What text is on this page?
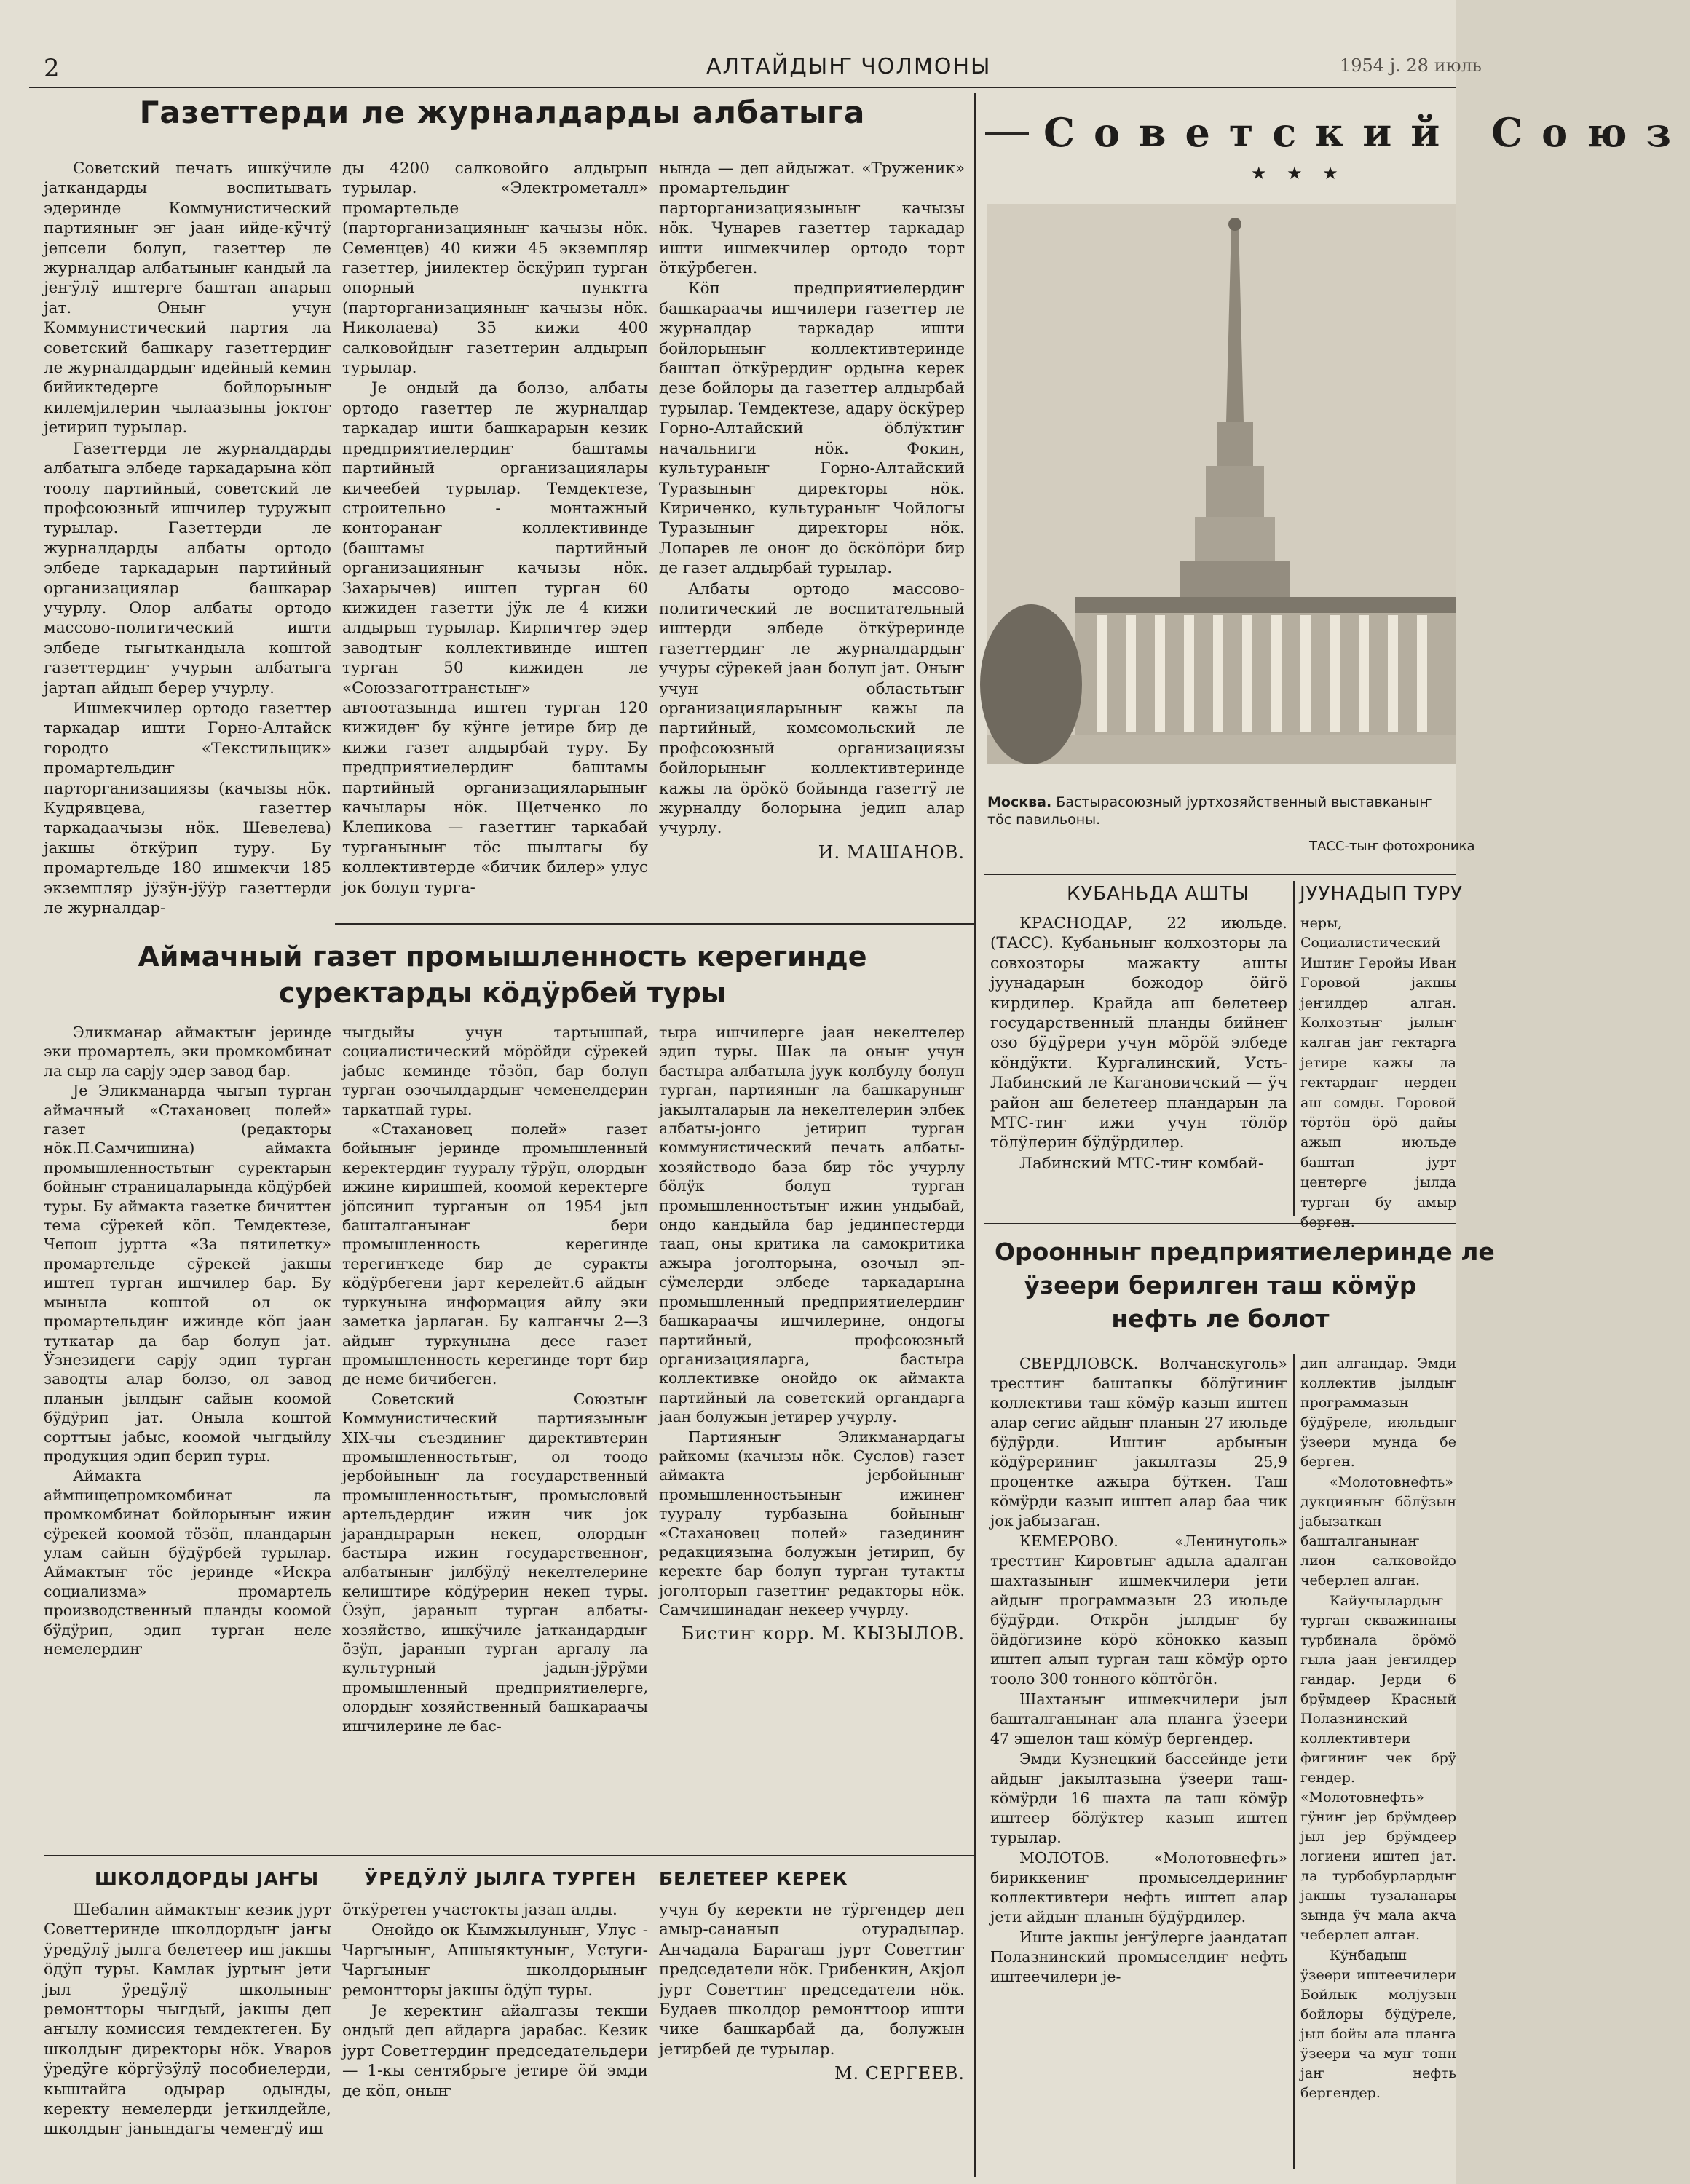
2	АЛТАЙДЫҤ ЧОЛМОНЫ	1954 j. 28 июль
Газеттерди ле журналдарды албатыга

Советский печать ишкӱчиле јаткандарды воспитывать эдеринде Коммунистический партияныҥ эҥ јаан ийде-кӱчтӱ јепсели болуп, газеттер ле журналдар албатыныҥ кандый ла јеҥӱлӱ иштерге баштап апарып јат. Оныҥ учун Коммунистический партия ла советский башкару газеттердиҥ ле журналдардыҥ идейный кемин бийиктедерге бойлорыныҥ килемјилерин чылаазыны јоктоҥ јетирип турылар.

Газеттерди ле журналдарды албатыга элбеде таркадарына кӧп тоолу партийный, советский ле профсоюзный ишчилер туружып турылар. Газеттерди ле журналдарды албаты ортодо элбеде таркадарын партийный организациялар башкарар учурлу. Олор албаты ортодо массово-политический ишти элбеде тыгыткандыла коштой газеттердиҥ учурын албатыга јартап айдып берер учурлу.

Ишмекчилер ортодо газеттер таркадар ишти Горно-Алтайск городто «Текстильщик» промартельдиҥ парторганизациязы (качызы нӧк. Кудрявцева, газеттер таркадаачызы нӧк. Шевелева) јакшы ӧткӱрип туру. Бу промартельде 180 ишмекчи 185 экземпляр јӱзӱн-јӱӱр газеттерди ле журналдар-

ды 4200 салковойго алдырып турылар. «Электрометалл» промартельде (парторганизацияныҥ качызы нӧк. Семенцев) 40 кижи 45 экземпляр газеттер, јиилектер ӧскӱрип турган опорный пунктта (парторганизацияныҥ качызы нӧк. Николаева) 35 кижи 400 салковойдыҥ газеттерин алдырып турылар.

Је ондый да болзо, албаты ортодо газеттер ле журналдар таркадар ишти башкарарын кезик предприятиелердиҥ баштамы партийный организациялары кичеебей турылар. Темдектезе, строительно - монтажный конторанаҥ коллективинде (баштамы партийный организацияныҥ качызы нӧк. Захарычев) иштеп турган 60 кижиден газетти јӱк ле 4 кижи алдырып турылар. Кирпичтер эдер заводтыҥ коллективинде иштеп турган 50 кижиден ле «Союззаготтранстыҥ» автоотазында иштеп турган 120 кижидеҥ бу кӱнге јетире бир де кижи газет алдырбай туру. Бу предприятиелердиҥ баштамы партийный организацияларыныҥ качылары нӧк. Щетченко ло Клепикова — газеттиҥ таркабай турганыныҥ тӧс шылтагы бу коллективтерде «бичик билер» улус јок болуп турга-

нында — деп айдыжат. «Труженик» промартельдиҥ парторганизациязыныҥ качызы нӧк. Чунарев газеттер таркадар ишти ишмекчилер ортодо торт ӧткӱрбеген.

Кӧп предприятиелердиҥ башкараачы ишчилери газеттер ле журналдар таркадар ишти бойлорыныҥ коллективтеринде баштап ӧткӱрердиҥ ордына керек дезе бойлоры да газеттер алдырбай турылар. Темдектезе, адару ӧскӱрер Горно-Алтайский ӧблӱктиҥ начальниги нӧк. Фокин, культураныҥ Горно-Алтайский Туразыныҥ директоры нӧк. Кириченко, культураныҥ Чойлогы Туразыныҥ директоры нӧк. Лопарев ле оноҥ до ӧскӧлӧри бир де газет алдырбай турылар.

Албаты ортодо массово-политический ле воспитательный иштерди элбеде ӧткӱреринде газеттердиҥ ле журналдардыҥ учуры сӱрекей јаан болуп јат. Оныҥ учун областьтыҥ организацияларыныҥ кажы ла партийный, комсомольский ле профсоюзный организациязы бойлорыныҥ коллективтеринде кажы ла ӧрӧкӧ бойында газеттӱ ле журналду болорына једип алар учурлу.

И. МАШАНОВ.
Аймачный газет промышленность керегинде
суректарды кӧдӱрбей туры

Эликманар аймактыҥ јеринде эки промартель, эки промкомбинат ла сыр ла сарју эдер завод бар.

Је Эликманарда чыгып турган аймачный «Стахановец полей» газет (редакторы нӧк.П.Самчишина) аймакта промышленностьтыҥ суректарын бойныҥ страницаларында кӧдӱрбей туры. Бу аймакта газетке бичиттен тема сӱрекей кӧп. Темдектезе, Чепош јуртта «За пятилетку» промартельде сӱрекей јакшы иштеп турган ишчилер бар. Бу мыныла коштой ол ок промартельдиҥ ижинде кӧп јаан туткатар да бар болуп јат. Ӱзнезидеги сарју эдип турган заводты алар болзо, ол завод планын јылдыҥ сайын коомой бӱдӱрип јат. Оныла коштой сорттыы јабыс, коомой чыгдыйлу продукция эдип берип туры.

Аймакта аймпищепромкомбинат ла промкомбинат бойлорыныҥ ижин сӱрекей коомой тӧзӧп, пландарын улам сайын бӱдӱрбей турылар. Аймактыҥ тӧс јеринде «Искра социализма» промартель производственный планды коомой бӱдӱрип, эдип турган неле немелердиҥ

чыгдыйы учун тартышпай, социалистический мӧрӧйди сӱрекей јабыс кеминде тӧзӧп, бар болуп турган озочылдардыҥ чеменелдерин таркатпай туры.

«Стахановец полей» газет бойыныҥ јеринде промышленный керектердиҥ тууралу тӱрӱп, олордыҥ ижине киришпей, коомой керектерге јӧпсинип турганын ол 1954 јыл башталганынаҥ бери промышленность керегинде терегиҥкеде бир де суракты кӧдӱрбегени јарт керелейт.6 айдыҥ туркунына информация айлу эки заметка јарлаган. Бу калганчы 2—3 айдыҥ туркунына десе газет промышленность керегинде торт бир де неме бичибеген.

Советский Союзтыҥ Коммунистический партиязыныҥ XIX-чы съездиниҥ директивтерин промышленностьтыҥ, ол тоодо јербойыныҥ ла государственный промышленностьтыҥ, промысловый артельдердиҥ ижин чик јок јарандырарын некеп, олордыҥ бастыра ижин государственноҥ, албатыныҥ јилбӱлӱ некелтелерине келиштире кӧдӱрерин некеп туры. Ӧзӱп, јаранып турган албаты-хозяйство, ишкӱчиле јаткандардыҥ ӧзӱп, јаранып турган аргалу ла культурный јадын-јӱрӱми промышленный предприятиелерге, олордыҥ хозяйственный башкараачы ишчилерине ле бас-

тыра ишчилерге јаан некелтелер эдип туры. Шак ла оныҥ учун бастыра албатыла јуук колбулу болуп турган, партияныҥ ла башкаруныҥ јакылталарын ла некелтелерин элбек албаты-јонго јетирип турган коммунистический печать албаты-хозяйстводо база бир тӧс учурлу бӧлӱк болуп турган промышленностьтыҥ ижин ундыбай, ондо кандыйла бар јединпестерди таап, оны критика ла самокритика ажыра јоголторына, озочыл эп-сӱмелерди элбеде таркадарына промышленный предприятиелердиҥ башкараачы ишчилерине, ондогы партийный, профсоюзный организацияларга, бастыра коллективке онойдо ок аймакта партийный ла советский органдарга јаан болужын јетирер учурлу.

Партияныҥ Эликманардагы райкомы (качызы нӧк. Суслов) газет аймакта јербойыныҥ промышленностьыныҥ ижинеҥ тууралу турбазына бойыныҥ «Стахановец полей» газединиҥ редакциязына болужын јетирип, бу керекте бар болуп турган тутакты јоголторып газеттиҥ редакторы нӧк. Самчишинадаҥ некеер учурлу.

Бистиҥ корр. М. КЫЗЫЛОВ.
ШКОЛДОРДЫ ЈАҤЫ ӰРЕДӰЛӰ ЈЫЛГА ТУРГЕН БЕЛЕТЕЕР КЕРЕК

Шебалин аймактыҥ кезик јурт Советтеринде школдордыҥ јаҥы ӱредӱлӱ јылга белетеер иш јакшы ӧдӱп туры. Камлак јуртыҥ јети јыл ӱредӱлӱ школыныҥ ремонтторы чыгдый, јакшы деп аҥылу комиссия темдектеген. Бу школдыҥ директоры нӧк. Уваров ӱредӱге кӧргӱзӱлӱ пособиелерди, кыштайга одырар одынды, керекту немелерди јеткилдейле, школдыҥ јанындагы чемеҥдӱ иш

ӧткӱретен участокты јазап алды.

Онойдо ок Кымжылуныҥ, Улус - Чаргыныҥ, Апшыяктуныҥ, Устуги-Чаргыныҥ школдорыныҥ ремонтторы јакшы ӧдӱп туры.

Је керектиҥ айалгазы текши ондый деп айдарга јарабас. Кезик јурт Советтердиҥ председательдери — 1-кы сентябрьге јетире ӧй эмди де кӧп, оныҥ

учун бу керекти не тӱргендер деп амыр-сананып отурадылар. Анчадала Барагаш јурт Советтиҥ председатели нӧк. Грибенкин, Акјол јурт Советтиҥ председатели нӧк. Будаев школдор ремонттоор ишти чике башкарбай да, болужын јетирбей де турылар.

М. СЕРГЕЕВ.
Советский Союз
★ ★ ★
Москва. Бастырасоюзный ј̇уртхозяйственный выставканыҥ тӧс павильоны.
ТАСС-тыҥ фотохроника
КУБАНЬДА АШТЫ	ЈУУНАДЫП ТУРУ

КРАСНОДАР, 22 июльде. (ТАСС). Кубаньныҥ колхозторы ла совхозторы мажакту ашты јуунадарын божодор ӧйгӧ кирдилер. Крайда аш белетеер государственный планды бийнеҥ озо бӱдӱрери учун мӧрӧй элбеде кӧндӱкти. Кургалинский, Усть-Лабинский ле Кагановичский — ӱч район аш белетеер пландарын ла МТС-тиҥ ижи учун тӧлӧр тӧлӱлерин бӱдӱрдилер.

Лабинский МТС-тиҥ комбай-

неры, Социалистический Иштиҥ Геройы Иван Горовой јакшы јеҥилдер алган. Колхозтыҥ јылыҥ калган јаҥ гектарга јетире кажы ла гектардаҥ нерден аш сомды. Горовой тӧртӧн ӧрӧ дайы ажып июльде баштап јурт центерге јылда турган бу амыр

Ороонныҥ предприятиелеринде ле
ӱзеери берилген таш кӧмӱр
нефть ле болот

СВЕРДЛОВСК. Волчанскуголь» тресттиҥ баштапкы бӧлӱгиниҥ коллективи таш кӧмӱр казып иштеп алар сегис айдыҥ планын 27 июльде бӱдӱрди. Иштиҥ арбынын кӧдӱрериниҥ јакылтазы 25,9 процентке ажыра бӱткен. Таш кӧмӱрди казып иштеп алар баа чик јок јабызаган.

КЕМЕРОВО. «Ленинуголь» тресттиҥ Кировтыҥ адыла адалган шахтазыныҥ ишмекчилери јети айдыҥ программазын 23 июльде бӱдӱрди. Открӧн јылдыҥ бу ӧйдӧгизине кӧрӧ кӧнокко казып иштеп алып турган таш кӧмӱр орто тооло 300 тонного кӧптӧгӧн.

Шахтаныҥ ишмекчилери јыл башталганынаҥ ала планга ӱзеери 47 эшелон таш кӧмӱр бергендер.

Эмди Кузнецкий бассейнде јети айдыҥ јакылтазына ӱзеери таш-кӧмӱрди 16 шахта ла таш кӧмӱр иштеер бӧлӱктер казып иштеп турылар.

МОЛОТОВ. «Молотовнефть» бириккениҥ промыселдериниҥ коллективтери нефть иштеп алар јети айдыҥ планын бӱдӱрдилер.

Иште јакшы јеҥӱлерге јаандатап Полазнинский промыселдиҥ нефть иштеечилери је-

дип алгандар. Эмди коллектив јылдыҥ программазын бӱдӱреле, июльдыҥ ӱзеери мунда бе берген.

«Молотовнефть» дукцияныҥ бӧлӱзын јабызаткан башталганынаҥ лион салковойдо чеберлеп алган.

Кайучылардыҥ турган скважинаны турбинала ӧрӧмӧ гыла јаан јеҥилдер гандар. Јерди 6 брӱмдеер Красный Полазнинский коллективтери фигиниҥ чек брӱ гендер. «Молотовнефть» гӱниҥ јер брӱмдеер јыл јер брӱмдеер логиени иштеп јат. ла турбобурлардыҥ јакшы тузаланары зында ӱч мала акча чеберлеп алган.

Кӱнбадыш ӱзеери иштеечилери Бойлык молјузын бойлоры бӱдӱреле, јыл бойы ала планга ӱзеери ча муҥ тонн јаҥ нефть бергендер.
